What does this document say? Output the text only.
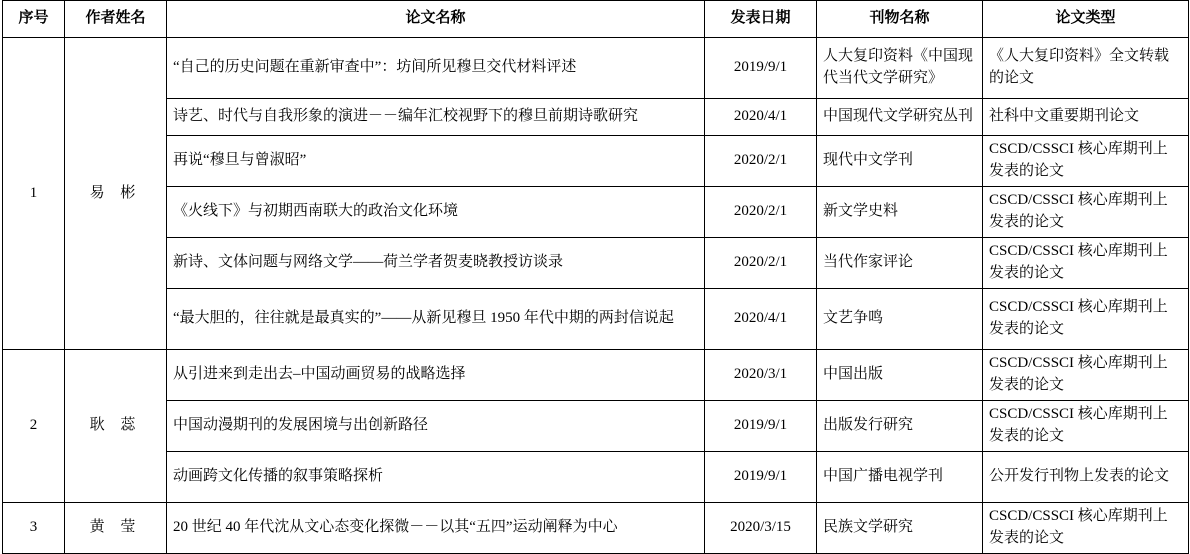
序号	作者姓名	论文名称	发表日期	刊物名称	论文类型
1	易 彬	“自己的历史问题在重新审查中”：坊间所见穆旦交代材料评述	2019/9/1	人大复印资料《中国现代当代文学研究》	《人大复印资料》全文转载的论文
		诗艺、时代与自我形象的演进－－编年汇校视野下的穆旦前期诗歌研究	2020/4/1	中国现代文学研究丛刊	社科中文重要期刊论文
		再说“穆旦与曾淑昭”	2020/2/1	现代中文学刊	CSCD/CSSCI 核心库期刊上发表的论文
		《火线下》与初期西南联大的政治文化环境	2020/2/1	新文学史料	CSCD/CSSCI 核心库期刊上发表的论文
		新诗、文体问题与网络文学——荷兰学者贺麦晓教授访谈录	2020/2/1	当代作家评论	CSCD/CSSCI 核心库期刊上发表的论文
		“最大胆的，往往就是最真实的”——从新见穆旦 1950 年代中期的两封信说起	2020/4/1	文艺争鸣	CSCD/CSSCI 核心库期刊上发表的论文
2	耿 蕊	从引进来到走出去–中国动画贸易的战略选择	2020/3/1	中国出版	CSCD/CSSCI 核心库期刊上发表的论文
		中国动漫期刊的发展困境与出创新路径	2019/9/1	出版发行研究	CSCD/CSSCI 核心库期刊上发表的论文
		动画跨文化传播的叙事策略探析	2019/9/1	中国广播电视学刊	公开发行刊物上发表的论文
3	黄 莹	20 世纪 40 年代沈从文心态变化探微－－以其“五四”运动阐释为中心	2020/3/15	民族文学研究	CSCD/CSSCI 核心库期刊上发表的论文
